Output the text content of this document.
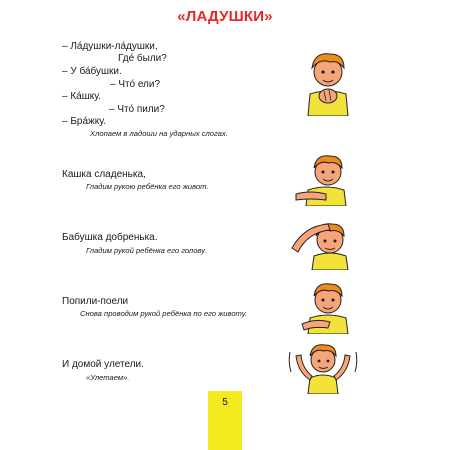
«ЛАДУШКИ»
– Ла́душки-ла́душки,
Где́ были?
– У ба́бушки.
– Что́ ели?
– Ка́шку.
– Что́ пили?
– Бра́жку.
Хлопаем в ладоши на ударных слогах.
Кашка сладенька,
Гладим рукою ребёнка его живот.
Бабушка добренька.
Гладим рукой ребёнка его голову.
Попили-поели
Снова проводим рукой ребёнка по его животу.
И домой улетели.
«Улетаем».
5
